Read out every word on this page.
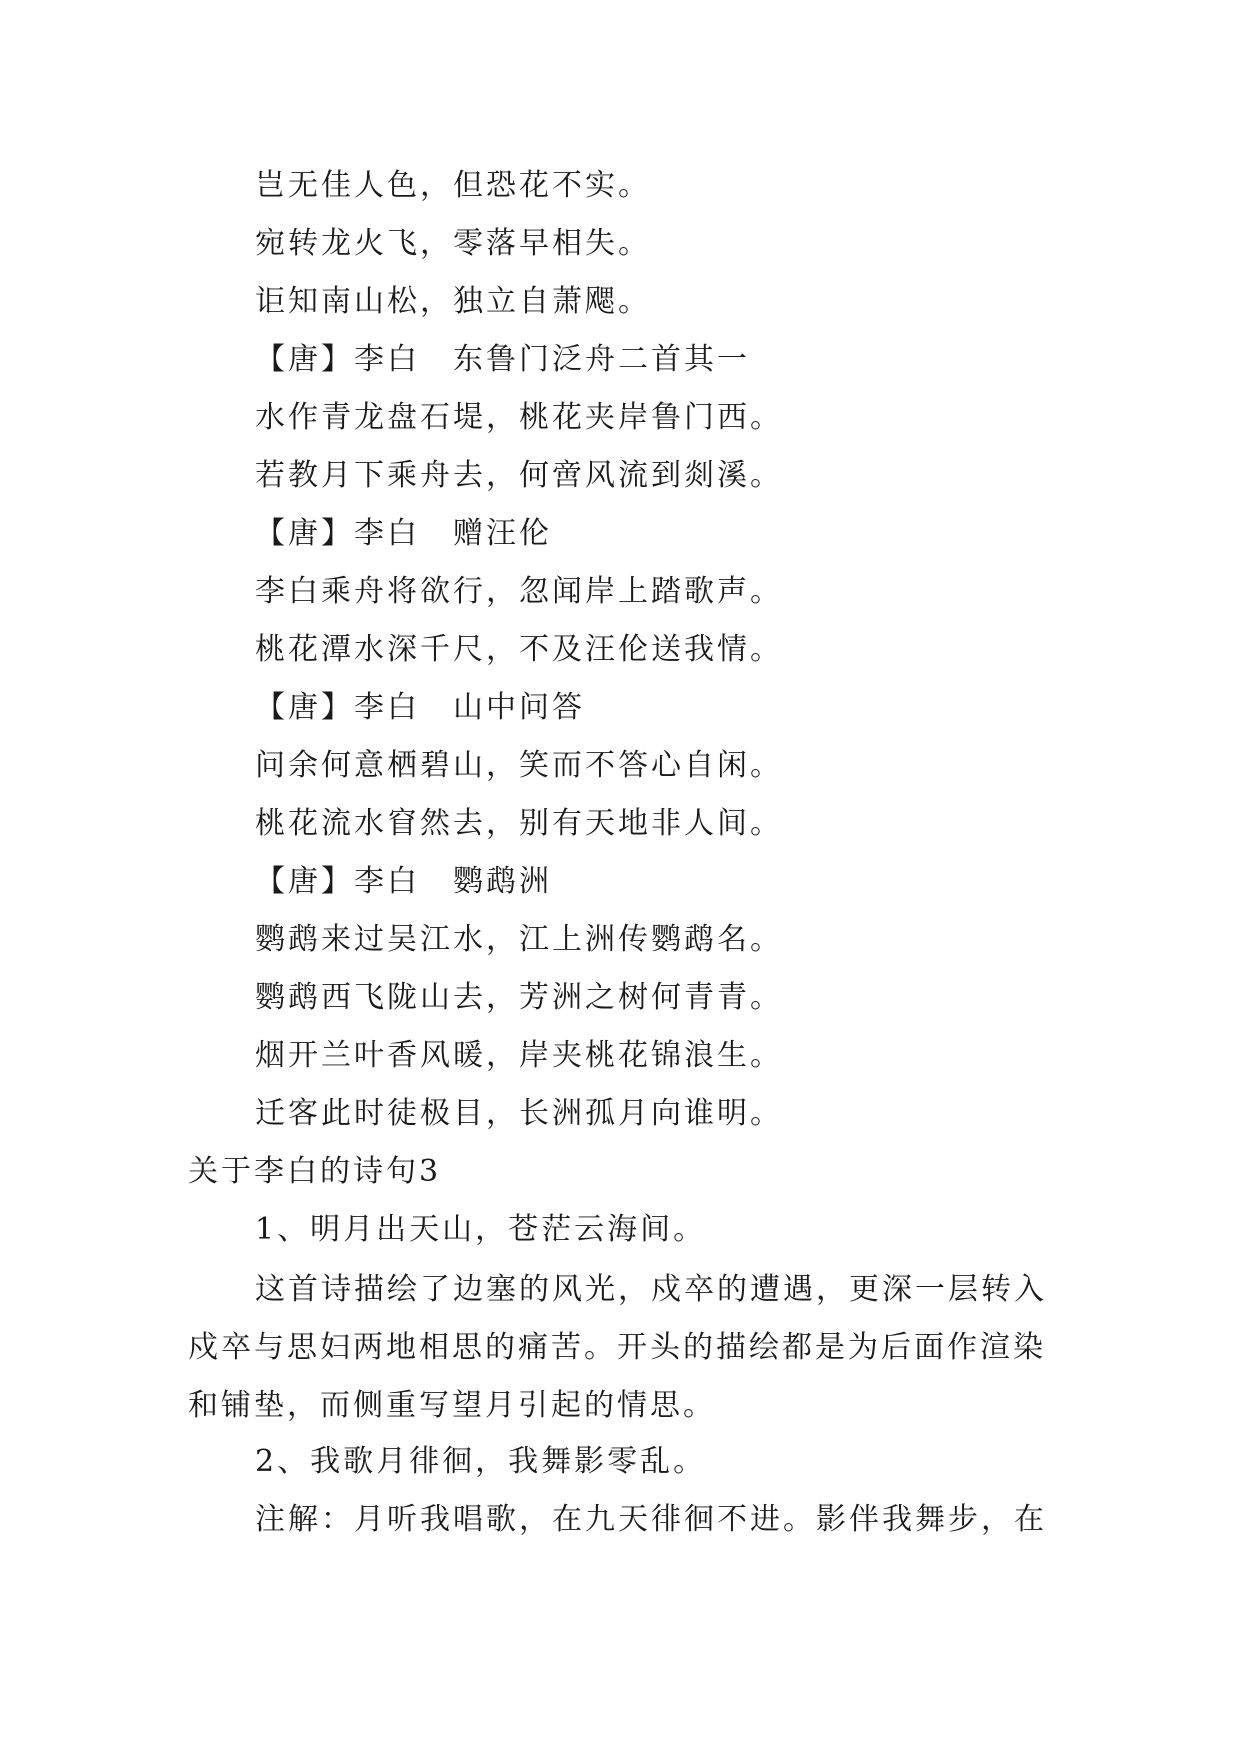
岂无佳人色，但恐花不实。
宛转龙火飞，零落早相失。
讵知南山松，独立自萧飔。
【唐】李白　东鲁门泛舟二首其一
水作青龙盘石堤，桃花夹岸鲁门西。
若教月下乘舟去，何啻风流到剡溪。
【唐】李白　赠汪伦
李白乘舟将欲行，忽闻岸上踏歌声。
桃花潭水深千尺，不及汪伦送我情。
【唐】李白　山中问答
问余何意栖碧山，笑而不答心自闲。
桃花流水窅然去，别有天地非人间。
【唐】李白　鹦鹉洲
鹦鹉来过吴江水，江上洲传鹦鹉名。
鹦鹉西飞陇山去，芳洲之树何青青。
烟开兰叶香风暖，岸夹桃花锦浪生。
迁客此时徒极目，长洲孤月向谁明。
关于李白的诗句3
1、明月出天山，苍茫云海间。
这首诗描绘了边塞的风光，戍卒的遭遇，更深一层转入戍卒与思妇两地相思的痛苦。开头的描绘都是为后面作渲染和铺垫，而侧重写望月引起的情思。
2、我歌月徘徊，我舞影零乱。
注解：月听我唱歌，在九天徘徊不进。影伴我舞步，在
